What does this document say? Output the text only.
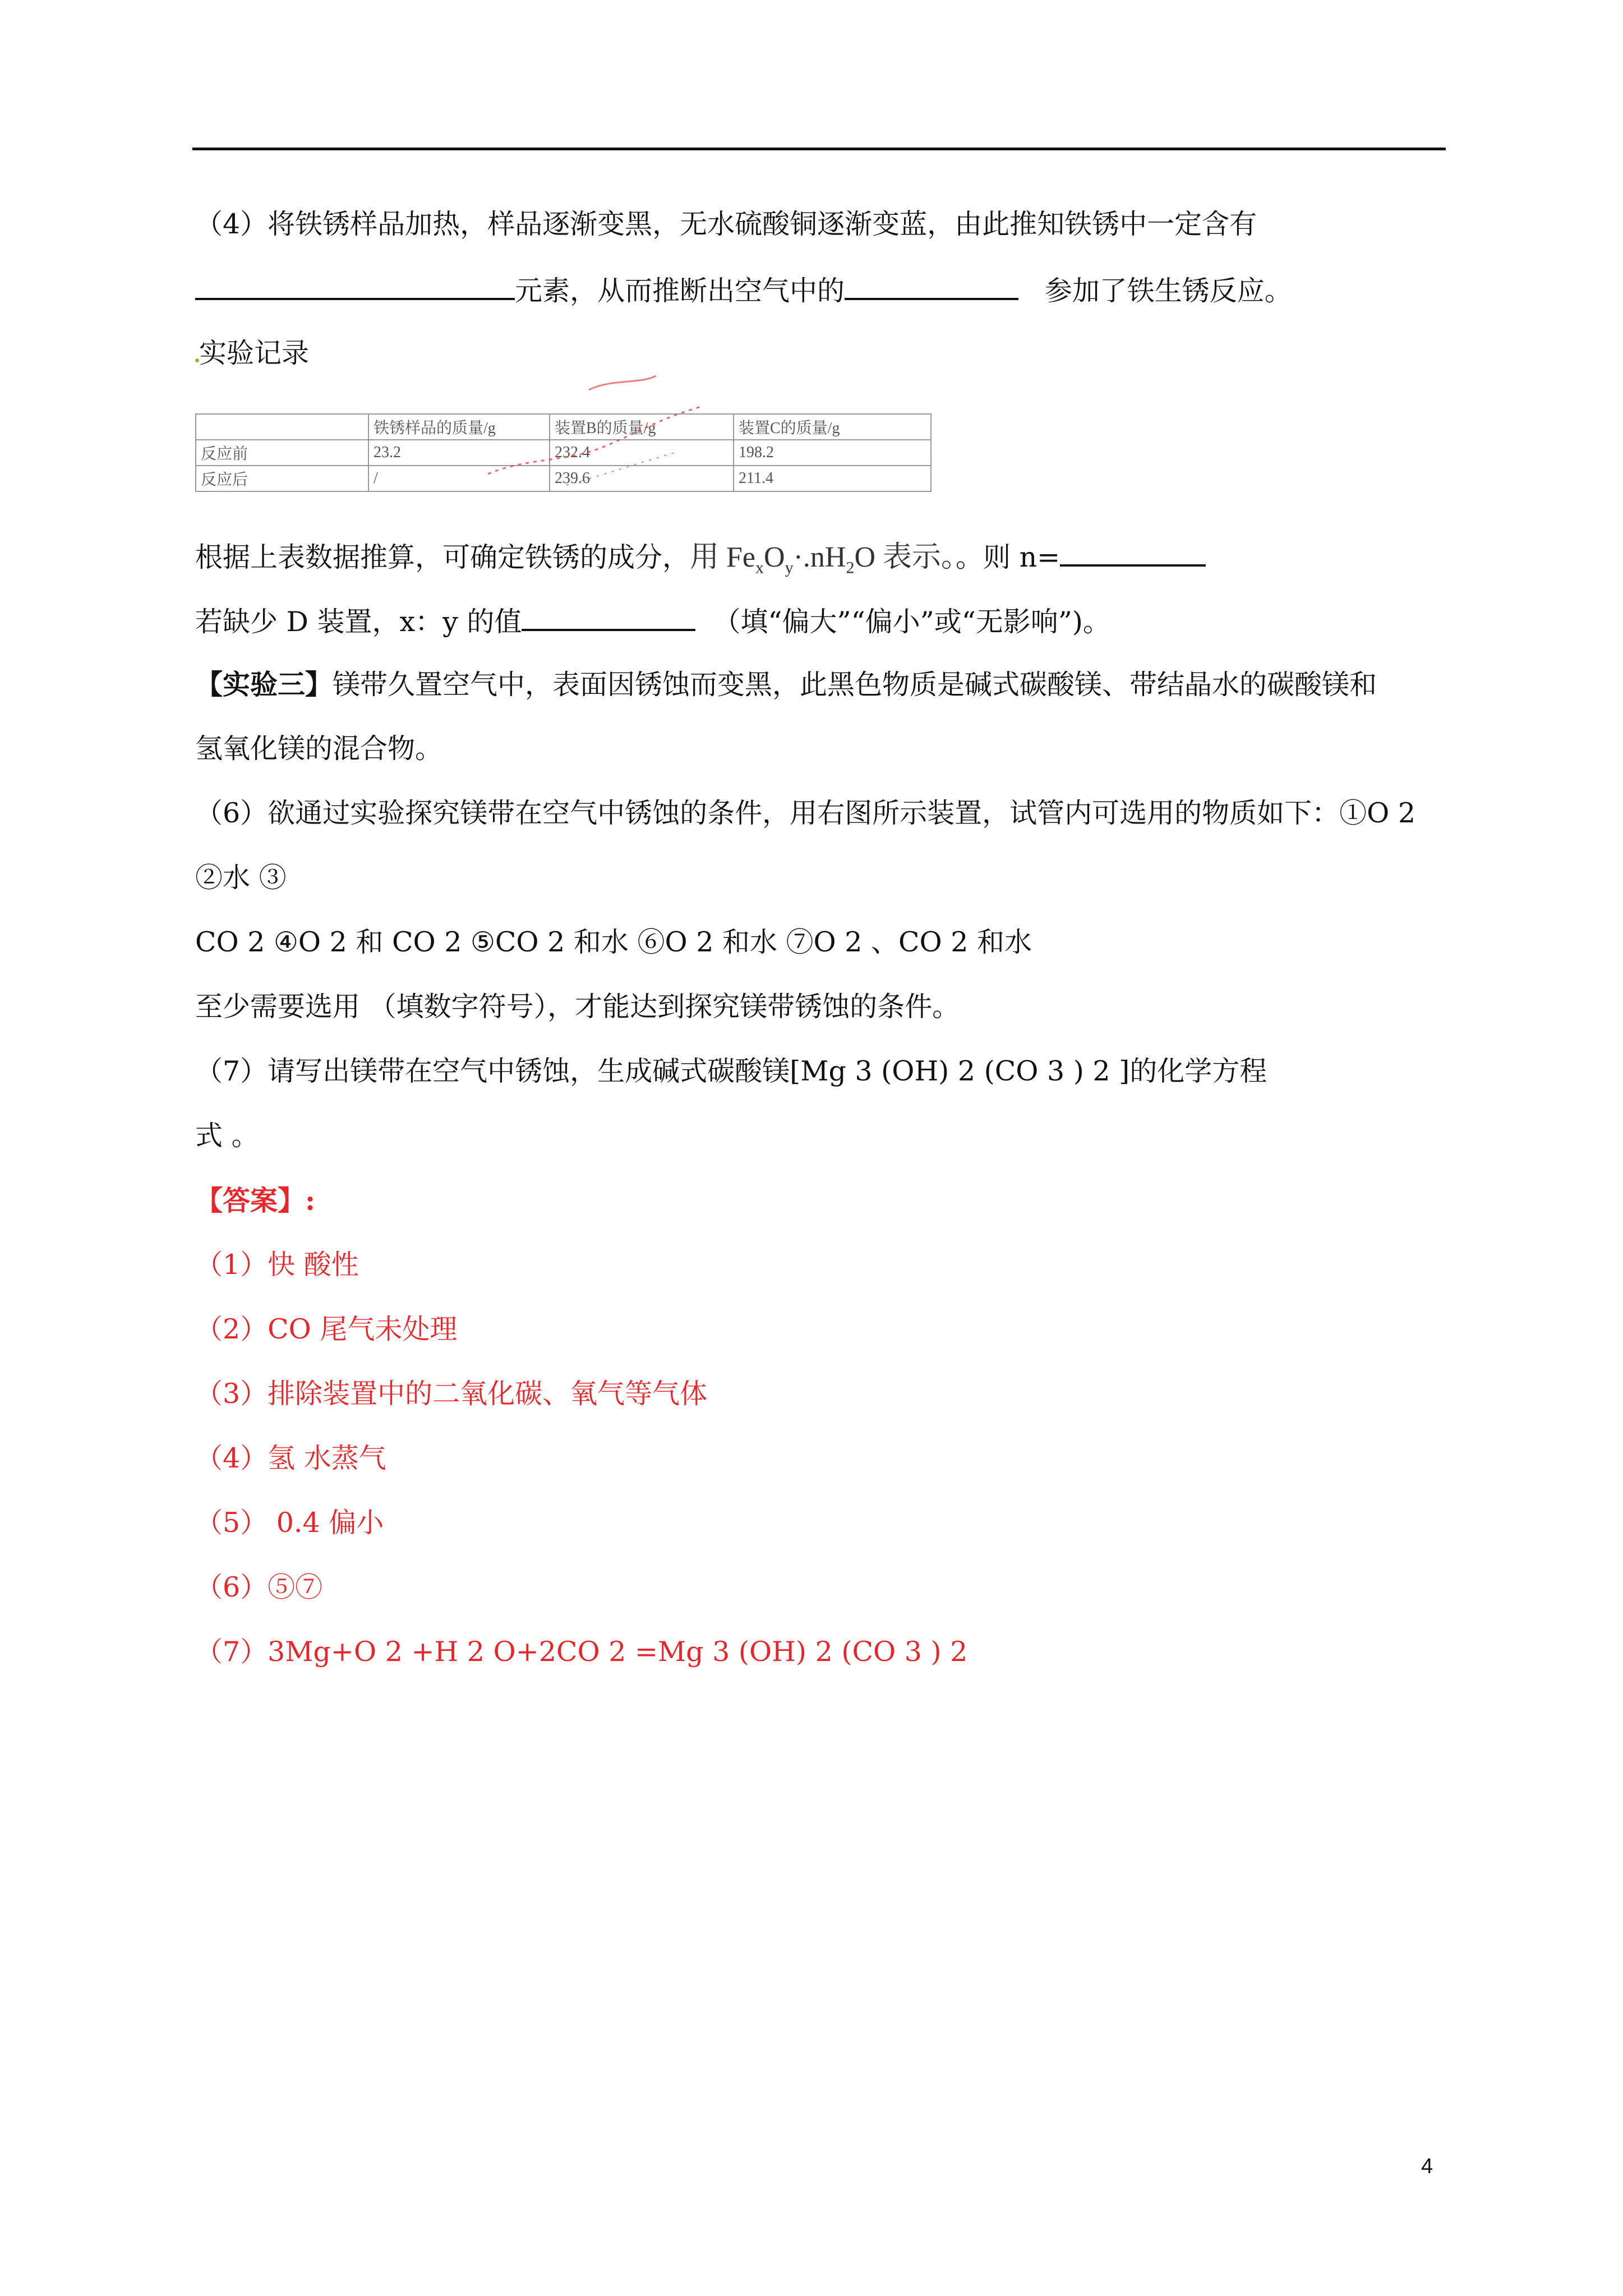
（4）将铁锈样品加热，样品逐渐变黑，无水硫酸铜逐渐变蓝，由此推知铁锈中一定含有
元素，从而推断出空气中的	参加了铁生锈反应。
实验记录
	铁锈样品的质量/g	装置B的质量/g	装置C的质量/g
反应前	23.2	232.4	198.2
反应后	/	239.6	211.4
根据上表数据推算，可确定铁锈的成分，用 $Fe_xO_y\cdot.nH_2O$ 表示。。则 n=
若缺少 D 装置，x：y 的值	（填“偏大”“偏小”或“无影响”)。
【实验三】镁带久置空气中，表面因锈蚀而变黑，此黑色物质是碱式碳酸镁、带结晶水的碳酸镁和
氢氧化镁的混合物。
（6）欲通过实验探究镁带在空气中锈蚀的条件，用右图所示装置，试管内可选用的物质如下：①O 2
②水 ③
CO 2 ④O 2 和 CO 2 ⑤CO 2 和水 ⑥O 2 和水 ⑦O 2 、CO 2 和水
至少需要选用 （填数字符号），才能达到探究镁带锈蚀的条件。
（7）请写出镁带在空气中锈蚀，生成碱式碳酸镁[Mg 3 (OH) 2 (CO 3 ) 2 ]的化学方程
式 。
【答案】:
（1）快 酸性
（2）CO 尾气未处理
（3）排除装置中的二氧化碳、氧气等气体
（4）氢 水蒸气
（5） 0.4 偏小
（6）⑤⑦
（7）3Mg+O 2 +H 2 O+2CO 2 =Mg 3 (OH) 2 (CO 3 ) 2
4
